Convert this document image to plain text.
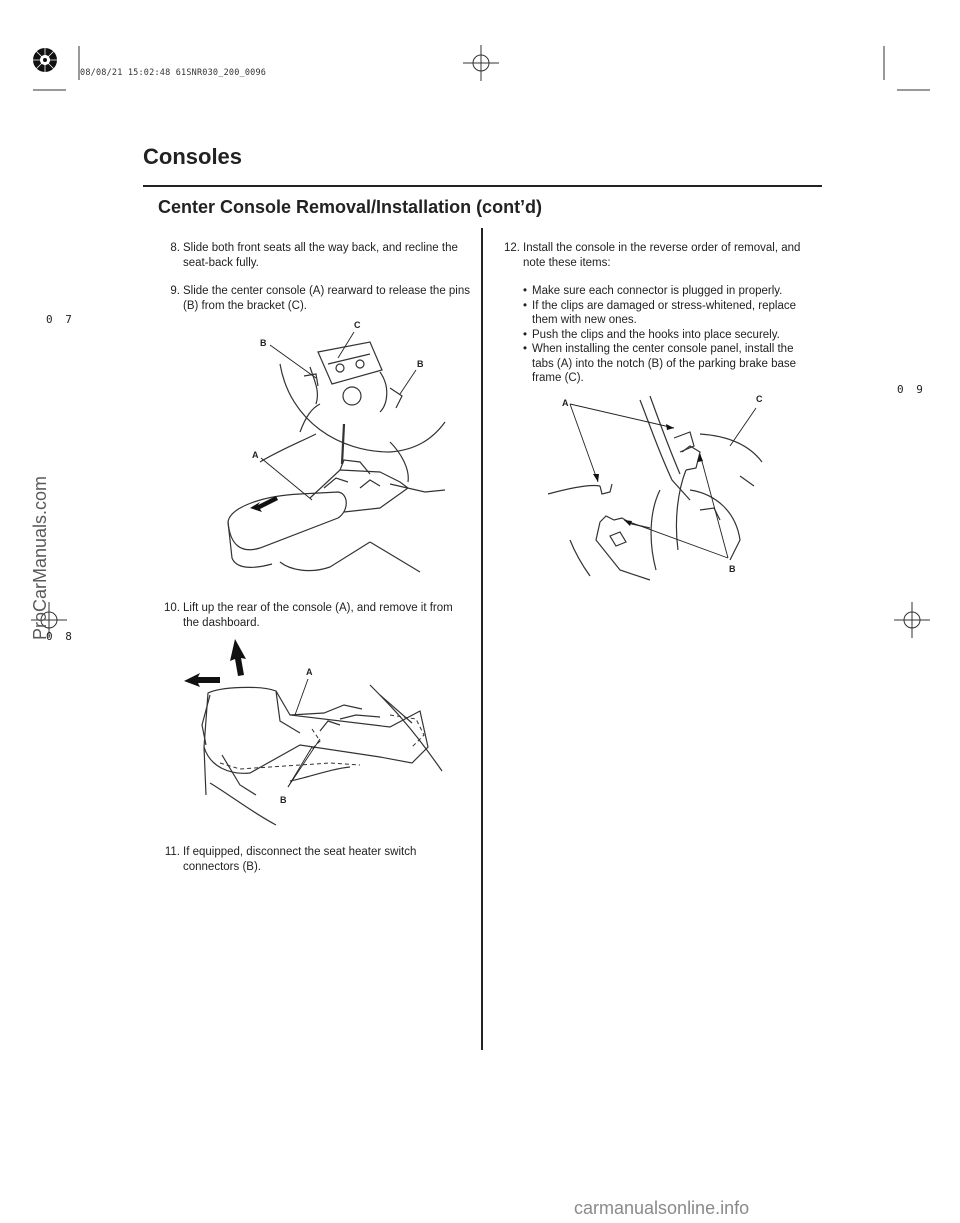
08/08/21 15:02:48 61SNR030_200_0096
Consoles
Center Console Removal/Installation (cont’d)
8. Slide both front seats all the way back, and recline the seat-back fully.
9. Slide the center console (A) rearward to release the pins (B) from the bracket (C).
B
C
B
A
10. Lift up the rear of the console (A), and remove it from the dashboard.
A
B
11. If equipped, disconnect the seat heater switch connectors (B).
12. Install the console in the reverse order of removal, and note these items:
• Make sure each connector is plugged in properly.
• If the clips are damaged or stress-whitened, replace them with new ones.
• Push the clips and the hooks into place securely.
• When installing the center console panel, install the tabs (A) into the notch (B) of the parking brake base frame (C).
A	C
B
0 7
0 8
0 9
ProCarManuals.com
carmanualsonline.info
